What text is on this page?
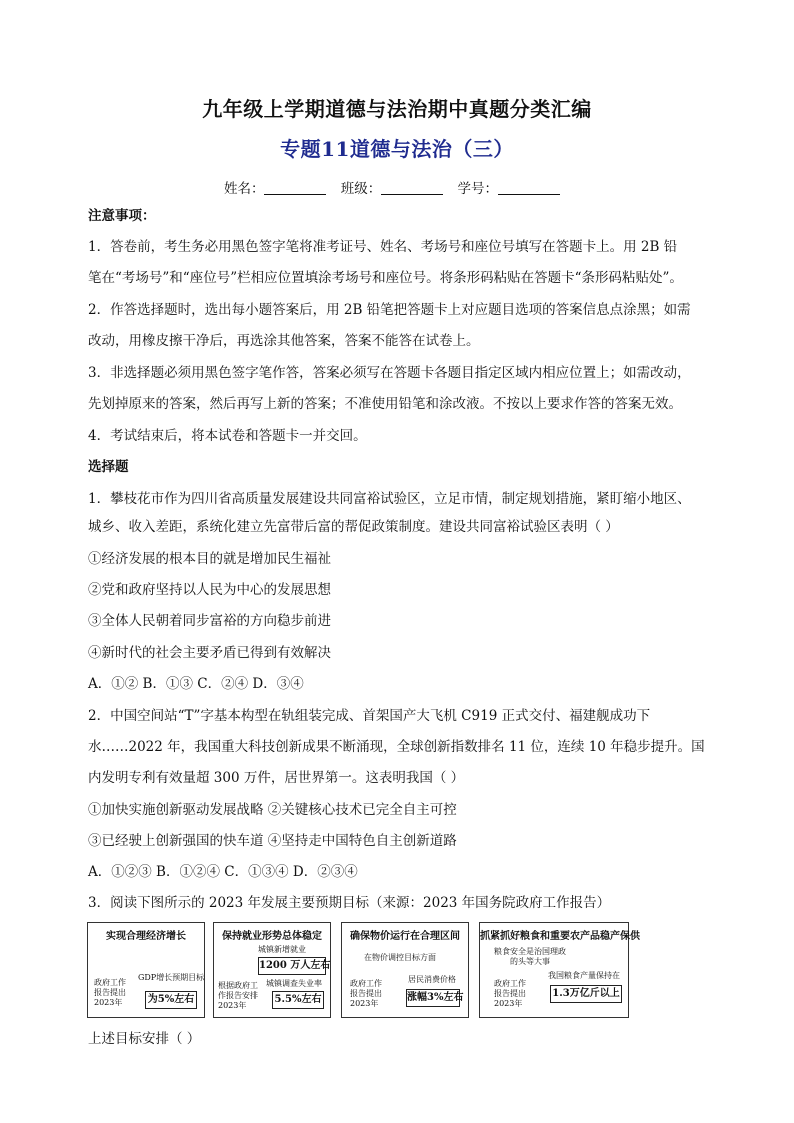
九年级上学期道德与法治期中真题分类汇编
专题11道德与法治（三）
姓名：	班级：	学号：
注意事项：
1．答卷前，考生务必用黑色签字笔将准考证号、姓名、考场号和座位号填写在答题卡上。用 2B 铅
笔在“考场号”和“座位号”栏相应位置填涂考场号和座位号。将条形码粘贴在答题卡“条形码粘贴处”。
2．作答选择题时，选出每小题答案后，用 2B 铅笔把答题卡上对应题目选项的答案信息点涂黑；如需
改动，用橡皮擦干净后，再选涂其他答案，答案不能答在试卷上。
3．非选择题必须用黑色签字笔作答，答案必须写在答题卡各题目指定区域内相应位置上；如需改动，
先划掉原来的答案，然后再写上新的答案；不准使用铅笔和涂改液。不按以上要求作答的答案无效。
4．考试结束后，将本试卷和答题卡一并交回。
选择题
1．攀枝花市作为四川省高质量发展建设共同富裕试验区，立足市情，制定规划措施，紧盯缩小地区、
城乡、收入差距，系统化建立先富带后富的帮促政策制度。建设共同富裕试验区表明（ ）
①经济发展的根本目的就是增加民生福祉
②党和政府坚持以人民为中心的发展思想
③全体人民朝着同步富裕的方向稳步前进
④新时代的社会主要矛盾已得到有效解决
A．①② B．①③ C．②④ D．③④
2．中国空间站“T”字基本构型在轨组装完成、首架国产大飞机 C919 正式交付、福建舰成功下
水……2022 年，我国重大科技创新成果不断涌现，全球创新指数排名 11 位，连续 10 年稳步提升。国
内发明专利有效量超 300 万件，居世界第一。这表明我国（ ）
①加快实施创新驱动发展战略 ②关键核心技术已完全自主可控
③已经驶上创新强国的快车道 ④坚持走中国特色自主创新道路
A．①②③ B．①②④ C．①③④ D．②③④
3．阅读下图所示的 2023 年发展主要预期目标（来源：2023 年国务院政府工作报告）
实现合理经济增长
政府工作
报告提出
2023年
GDP增长预期目标
为5%左右
保持就业形势总体稳定
城镇新增就业
1200 万人左右
根据政府工
作报告安排
2023年
城镇调查失业率
5.5%左右
确保物价运行在合理区间
在物价调控目标方面
政府工作
报告提出
2023年
居民消费价格
涨幅3%左右
抓紧抓好粮食和重要农产品稳产保供
粮食安全是治国理政
的头等大事
政府工作
报告提出
2023年
我国粮食产量保持在
1.3万亿斤以上
上述目标安排（ ）
